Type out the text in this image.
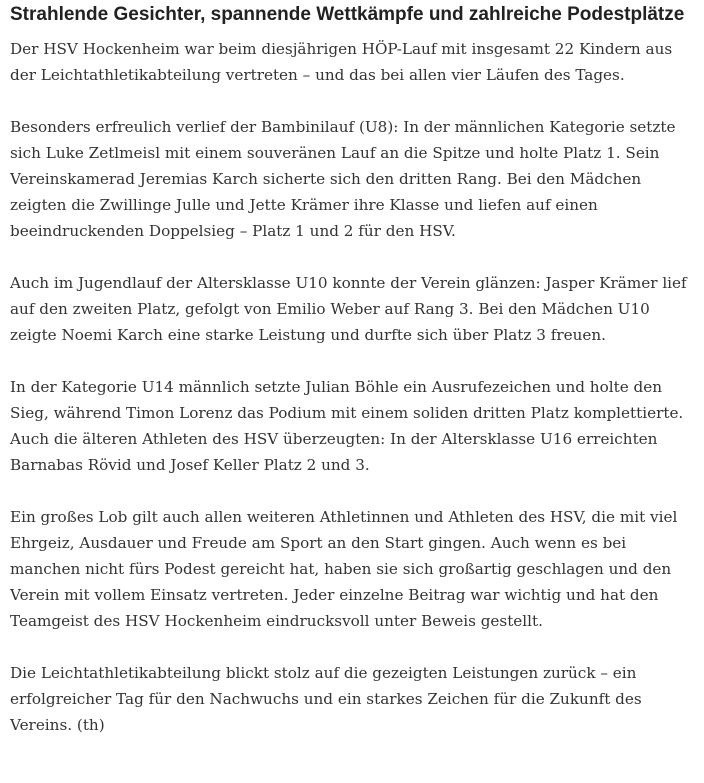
Strahlende Gesichter, spannende Wettkämpfe und zahlreiche Podestplätze

Der HSV Hockenheim war beim diesjährigen HÖP-Lauf mit insgesamt 22 Kindern aus der Leichtathletikabteilung vertreten – und das bei allen vier Läufen des Tages.

Besonders erfreulich verlief der Bambinilauf (U8): In der männlichen Kategorie setzte sich Luke Zetlmeisl mit einem souveränen Lauf an die Spitze und holte Platz 1. Sein Vereinskamerad Jeremias Karch sicherte sich den dritten Rang. Bei den Mädchen zeigten die Zwillinge Julle und Jette Krämer ihre Klasse und liefen auf einen beeindruckenden Doppelsieg – Platz 1 und 2 für den HSV.

Auch im Jugendlauf der Altersklasse U10 konnte der Verein glänzen: Jasper Krämer lief auf den zweiten Platz, gefolgt von Emilio Weber auf Rang 3. Bei den Mädchen U10 zeigte Noemi Karch eine starke Leistung und durfte sich über Platz 3 freuen.

In der Kategorie U14 männlich setzte Julian Böhle ein Ausrufezeichen und holte den Sieg, während Timon Lorenz das Podium mit einem soliden dritten Platz komplettierte. Auch die älteren Athleten des HSV überzeugten: In der Altersklasse U16 erreichten Barnabas Rövid und Josef Keller Platz 2 und 3.

Ein großes Lob gilt auch allen weiteren Athletinnen und Athleten des HSV, die mit viel Ehrgeiz, Ausdauer und Freude am Sport an den Start gingen. Auch wenn es bei manchen nicht fürs Podest gereicht hat, haben sie sich großartig geschlagen und den Verein mit vollem Einsatz vertreten. Jeder einzelne Beitrag war wichtig und hat den Teamgeist des HSV Hockenheim eindrucksvoll unter Beweis gestellt.

Die Leichtathletikabteilung blickt stolz auf die gezeigten Leistungen zurück – ein erfolgreicher Tag für den Nachwuchs und ein starkes Zeichen für die Zukunft des Vereins. (th)
